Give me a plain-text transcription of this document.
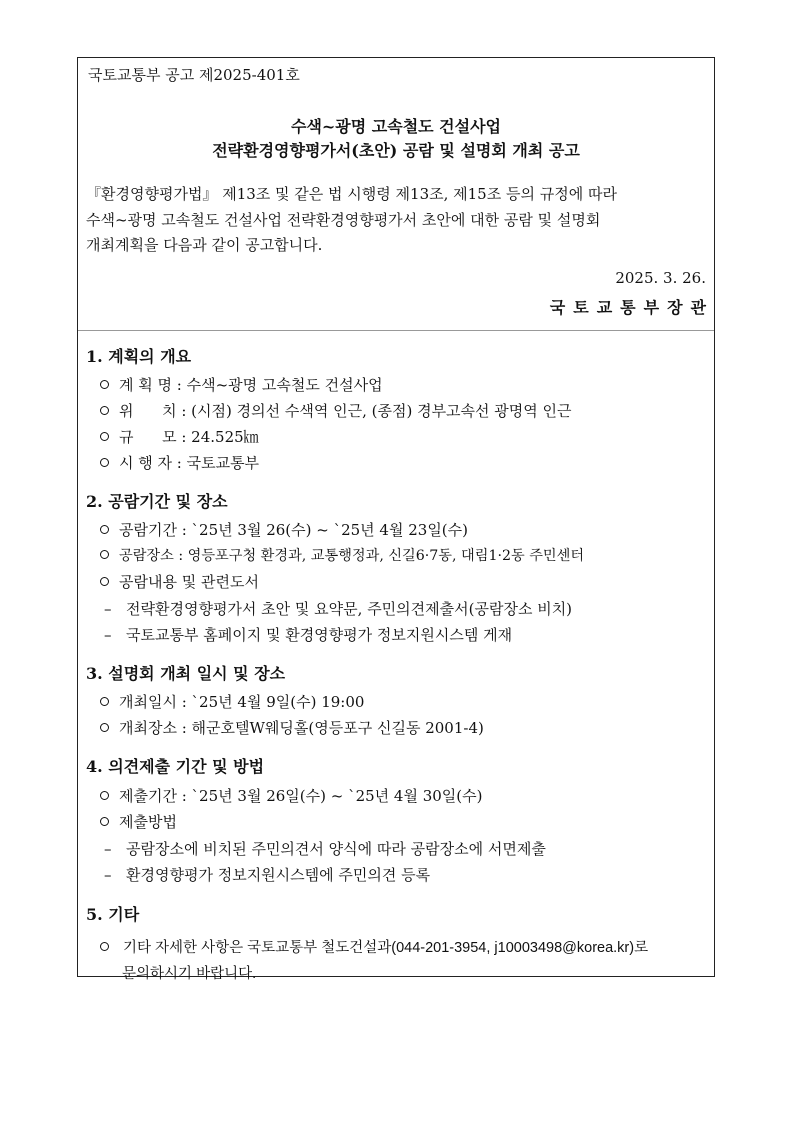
국토교통부 공고 제2025-401호
수색~광명 고속철도 건설사업
전략환경영향평가서(초안) 공람 및 설명회 개최 공고
『환경영향평가법』 제13조 및 같은 법 시행령 제13조, 제15조 등의 규정에 따라
수색~광명 고속철도 건설사업 전략환경영향평가서 초안에 대한 공람 및 설명회
개최계획을 다음과 같이 공고합니다.
2025. 3. 26.
국토교통부장관
1. 계획의 개요
계 획 명 : 수색~광명 고속철도 건설사업
위      치 : (시점) 경의선 수색역 인근, (종점) 경부고속선 광명역 인근
규      모 : 24.525㎞
시 행 자 : 국토교통부
2. 공람기간 및 장소
공람기간 : `25년 3월 26(수) ~ `25년 4월 23일(수)
공람장소 : 영등포구청 환경과, 교통행정과, 신길6·7동, 대림1·2동 주민센터
공람내용 및 관련도서
– 전략환경영향평가서 초안 및 요약문, 주민의견제출서(공람장소 비치)
– 국토교통부 홈페이지 및 환경영향평가 정보지원시스템 게재
3. 설명회 개최 일시 및 장소
개최일시 : `25년 4월 9일(수) 19:00
개최장소 : 해군호텔W웨딩홀(영등포구 신길동 2001-4)
4. 의견제출 기간 및 방법
제출기간 : `25년 3월 26일(수) ~ `25년 4월 30일(수)
제출방법
– 공람장소에 비치된 주민의견서 양식에 따라 공람장소에 서면제출
– 환경영향평가 정보지원시스템에 주민의견 등록
5. 기타
기타 자세한 사항은 국토교통부 철도건설과(044-201-3954, j10003498@korea.kr)로
문의하시기 바랍니다.
